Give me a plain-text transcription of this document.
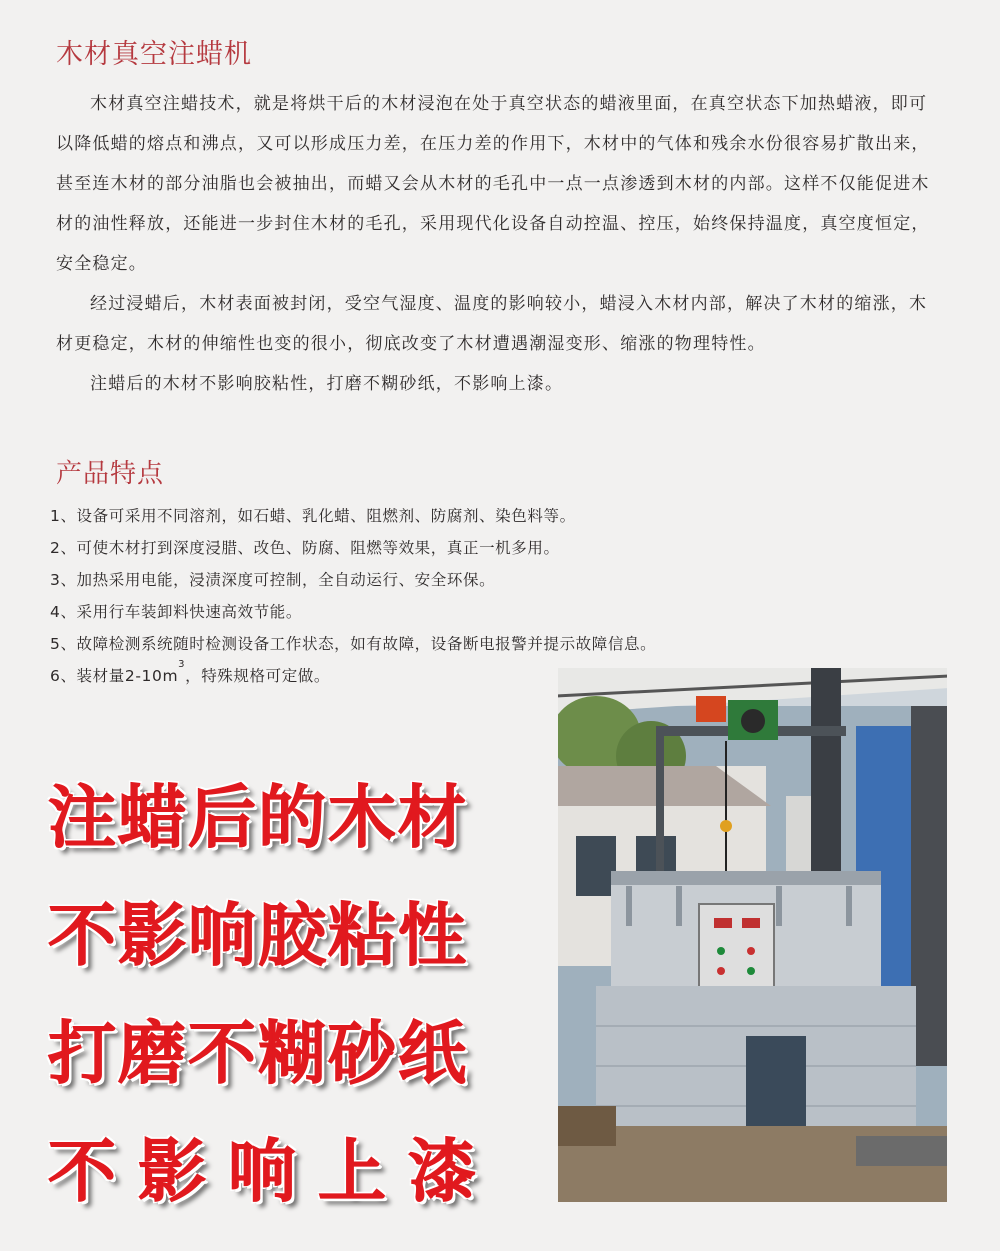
木材真空注蜡机

木材真空注蜡技术，就是将烘干后的木材浸泡在处于真空状态的蜡液里面，在真空状态下加热蜡液，即可以降低蜡的熔点和沸点，又可以形成压力差，在压力差的作用下，木材中的气体和残余水份很容易扩散出来，甚至连木材的部分油脂也会被抽出，而蜡又会从木材的毛孔中一点一点渗透到木材的内部。这样不仅能促进木材的油性释放，还能进一步封住木材的毛孔，采用现代化设备自动控温、控压，始终保持温度，真空度恒定，安全稳定。

经过浸蜡后，木材表面被封闭，受空气湿度、温度的影响较小，蜡浸入木材内部，解决了木材的缩涨，木材更稳定，木材的伸缩性也变的很小，彻底改变了木材遭遇潮湿变形、缩涨的物理特性。

注蜡后的木材不影响胶粘性，打磨不糊砂纸，不影响上漆。

产品特点
1、设备可采用不同溶剂，如石蜡、乳化蜡、阻燃剂、防腐剂、染色料等。
2、可使木材打到深度浸腊、改色、防腐、阻燃等效果，真正一机多用。
3、加热采用电能，浸渍深度可控制，全自动运行、安全环保。
4、采用行车装卸料快速高效节能。
5、故障检测系统随时检测设备工作状态，如有故障，设备断电报警并提示故障信息。
6、装材量$2-10m^3$，特殊规格可定做。
注蜡后的木材
不影响胶粘性
打磨不糊砂纸
不影响上漆
